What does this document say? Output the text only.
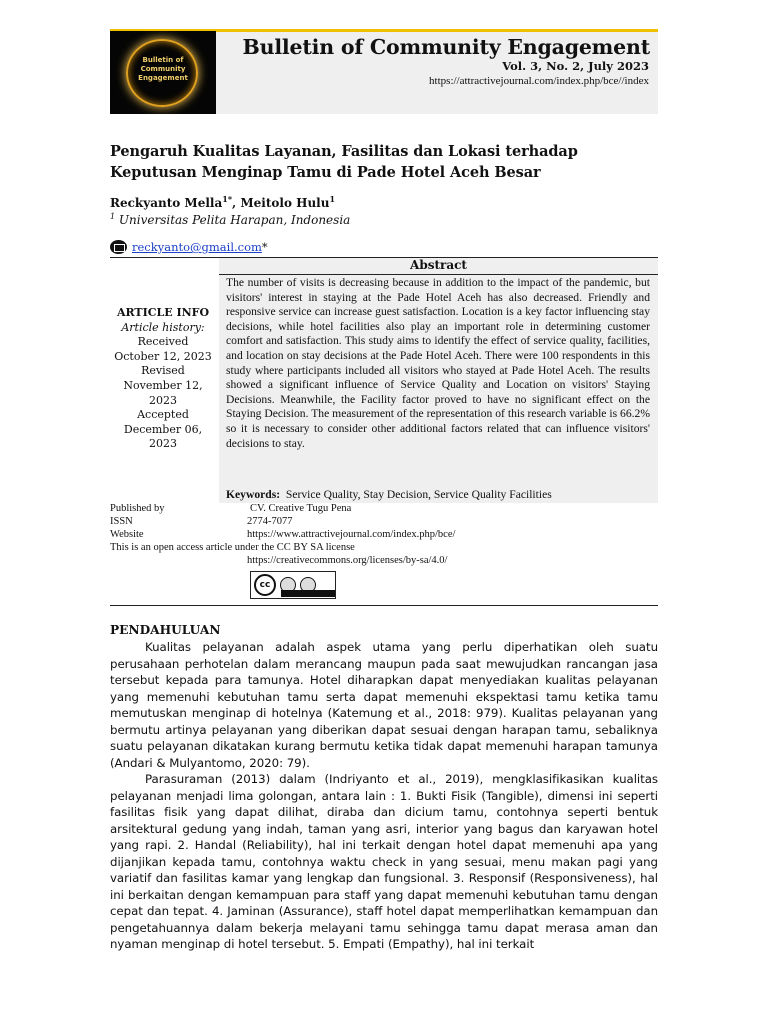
Bulletin of
Community
Engagement
Bulletin of Community Engagement
Vol. 3, No. 2, July 2023
https://attractivejournal.com/index.php/bce//index
Pengaruh Kualitas Layanan, Fasilitas dan Lokasi terhadap Keputusan Menginap Tamu di Pade Hotel Aceh Besar
Reckyanto Mella$^{1*}$, Meitolo Hulu$^1$
$^1$ Universitas Pelita Harapan, Indonesia
reckyanto@gmail.com *
Abstract
The number of visits is decreasing because in addition to the impact of the pandemic, but visitors' interest in staying at the Pade Hotel Aceh has also decreased. Friendly and responsive service can increase guest satisfaction. Location is a key factor influencing stay decisions, while hotel facilities also play an important role in determining customer comfort and satisfaction. This study aims to identify the effect of service quality, facilities, and location on stay decisions at the Pade Hotel Aceh. There were 100 respondents in this study where participants included all visitors who stayed at Pade Hotel Aceh. The results showed a significant influence of Service Quality and Location on visitors' Staying Decisions. Meanwhile, the Facility factor proved to have no significant effect on the Staying Decision. The measurement of the representation of this research variable is 66.2% so it is necessary to consider other additional factors related that can influence visitors' decisions to stay.
Keywords: Service Quality, Stay Decision, Service Quality Facilities
ARTICLE INFO
Article history:
Received
October 12, 2023
Revised
November 12, 2023
Accepted
December 06, 2023
Published by	CV. Creative Tugu Pena
ISSN	2774-7077
Website	https://www.attractivejournal.com/index.php/bce/
This is an open access article under the CC BY SA license
https://creativecommons.org/licenses/by-sa/4.0/
cc
PENDAHULUAN

Kualitas pelayanan adalah aspek utama yang perlu diperhatikan oleh suatu perusahaan perhotelan dalam merancang maupun pada saat mewujudkan rancangan jasa tersebut kepada para tamunya. Hotel diharapkan dapat menyediakan kualitas pelayanan yang memenuhi kebutuhan tamu serta dapat memenuhi ekspektasi tamu ketika tamu memutuskan menginap di hotelnya (Katemung et al., 2018: 979). Kualitas pelayanan yang bermutu artinya pelayanan yang diberikan dapat sesuai dengan harapan tamu, sebaliknya suatu pelayanan dikatakan kurang bermutu ketika tidak dapat memenuhi harapan tamunya (Andari & Mulyantomo, 2020: 79).

Parasuraman (2013) dalam (Indriyanto et al., 2019), mengklasifikasikan kualitas pelayanan menjadi lima golongan, antara lain : 1. Bukti Fisik (Tangible), dimensi ini seperti fasilitas fisik yang dapat dilihat, diraba dan dicium tamu, contohnya seperti bentuk arsitektural gedung yang indah, taman yang asri, interior yang bagus dan karyawan hotel yang rapi. 2. Handal (Reliability), hal ini terkait dengan hotel dapat memenuhi apa yang dijanjikan kepada tamu, contohnya waktu check in yang sesuai, menu makan pagi yang variatif dan fasilitas kamar yang lengkap dan fungsional. 3. Responsif (Responsiveness), hal ini berkaitan dengan kemampuan para staff yang dapat memenuhi kebutuhan tamu dengan cepat dan tepat. 4. Jaminan (Assurance), staff hotel dapat memperlihatkan kemampuan dan pengetahuannya dalam bekerja melayani tamu sehingga tamu dapat merasa aman dan nyaman menginap di hotel tersebut. 5. Empati (Empathy), hal ini terkait
